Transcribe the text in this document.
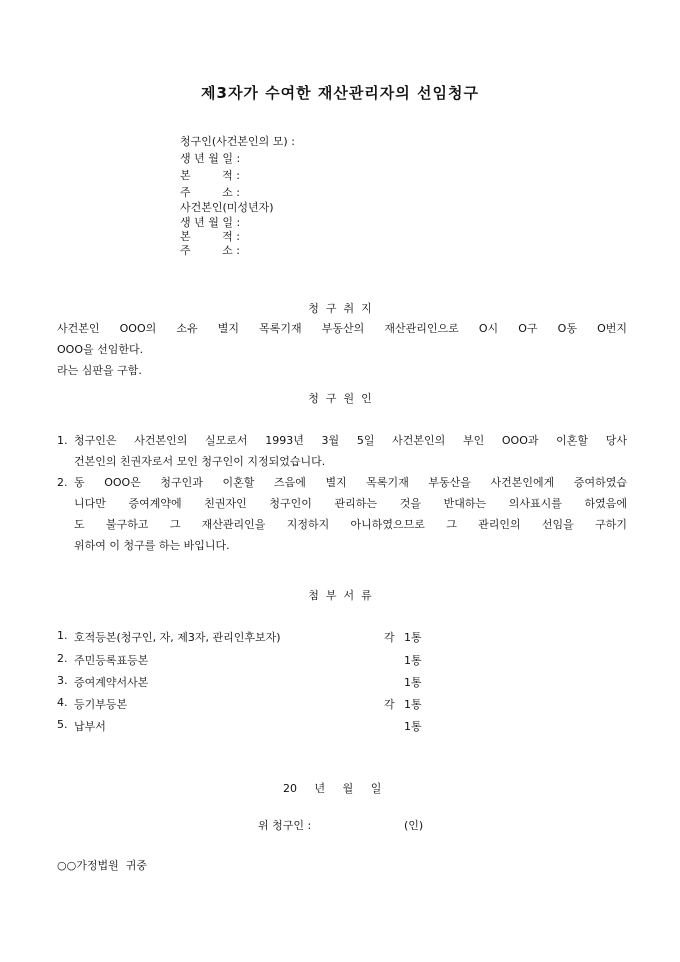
제3자가 수여한 재산관리자의 선임청구
청구인(사건본인의 모) :
생 년 월 일 :
본         적 :
주         소 :
사건본인(미성년자)
생 년 월 일 :
본         적 :
주         소 :
청  구  취  지
사건본인 OOO의 소유 별지 목록기재 부동산의 재산관리인으로 O시 O구 O동 O번지
OOO을 선임한다.
라는 심판을 구함.
청  구  원  인
1. 청구인은 사건본인의 실모로서 1993년 3월 5일 사건본인의 부인 OOO과 이혼할 당사
건본인의 친권자로서 모인 청구인이 지정되었습니다.
2. 동 OOO은 청구인과 이혼할 즈음에 별지 목록기재 부동산을 사건본인에게 증여하였습
니다만 증여계약에 친권자인 청구인이 관리하는 것을 반대하는 의사표시를 하였음에
도 불구하고 그 재산관리인을 지정하지 아니하였으므로 그 관리인의 선임을 구하기
위하여 이 청구를 하는 바입니다.
첨  부  서  류
1. 호적등본(청구인, 자, 제3자, 관리인후보자)	각 1통
2. 주민등록표등본	1통
3. 증여계약서사본	1통
4. 등기부등본	각 1통
5. 납부서	1통
20     년     월     일
위 청구인 :	(인)
○○가정법원  귀중
